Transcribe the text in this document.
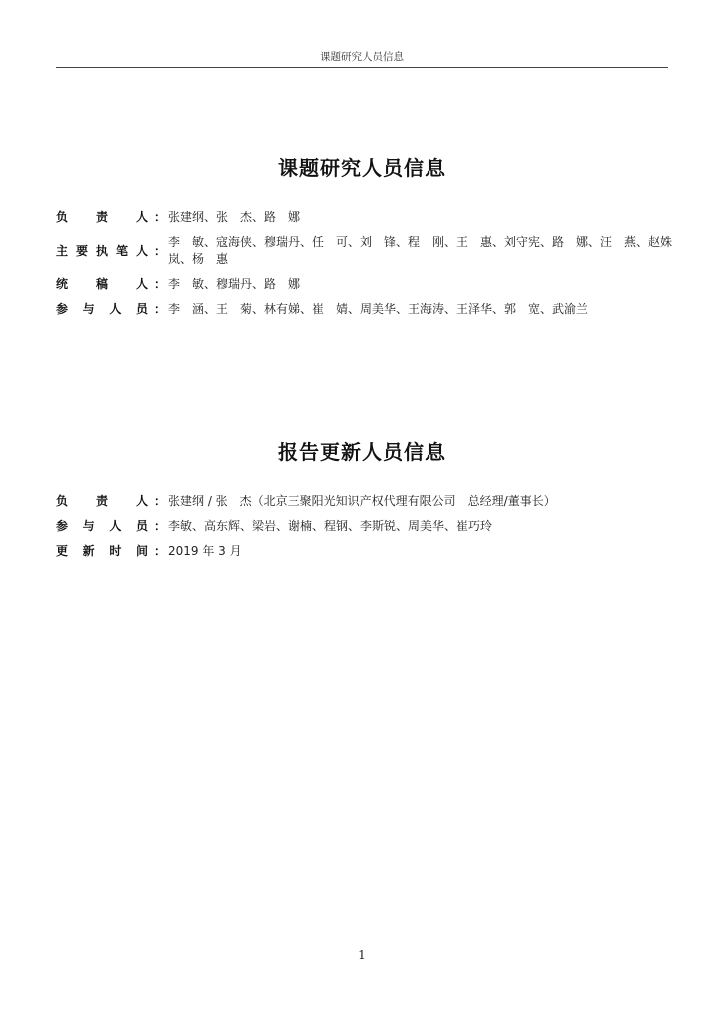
课题研究人员信息
课题研究人员信息
负责人	：	张建纲、张　杰、路　娜
主要执笔人	：	李　敏、寇海侠、穆瑞丹、任　可、刘　锋、程　刚、王　惠、刘守宪、路　娜、汪　燕、赵姝岚、杨　惠
统稿人	：	李　敏、穆瑞丹、路　娜
参与人员	：	李　涵、王　菊、林有娣、崔　婧、周美华、王海涛、王泽华、郭　宽、武渝兰
报告更新人员信息
负责人	：	张建纲 / 张　杰（北京三聚阳光知识产权代理有限公司　总经理/董事长）
参与人员	：	李敏、高东辉、梁岩、谢楠、程钢、李斯锐、周美华、崔巧玲
更新时间	：	2019 年 3 月
1
